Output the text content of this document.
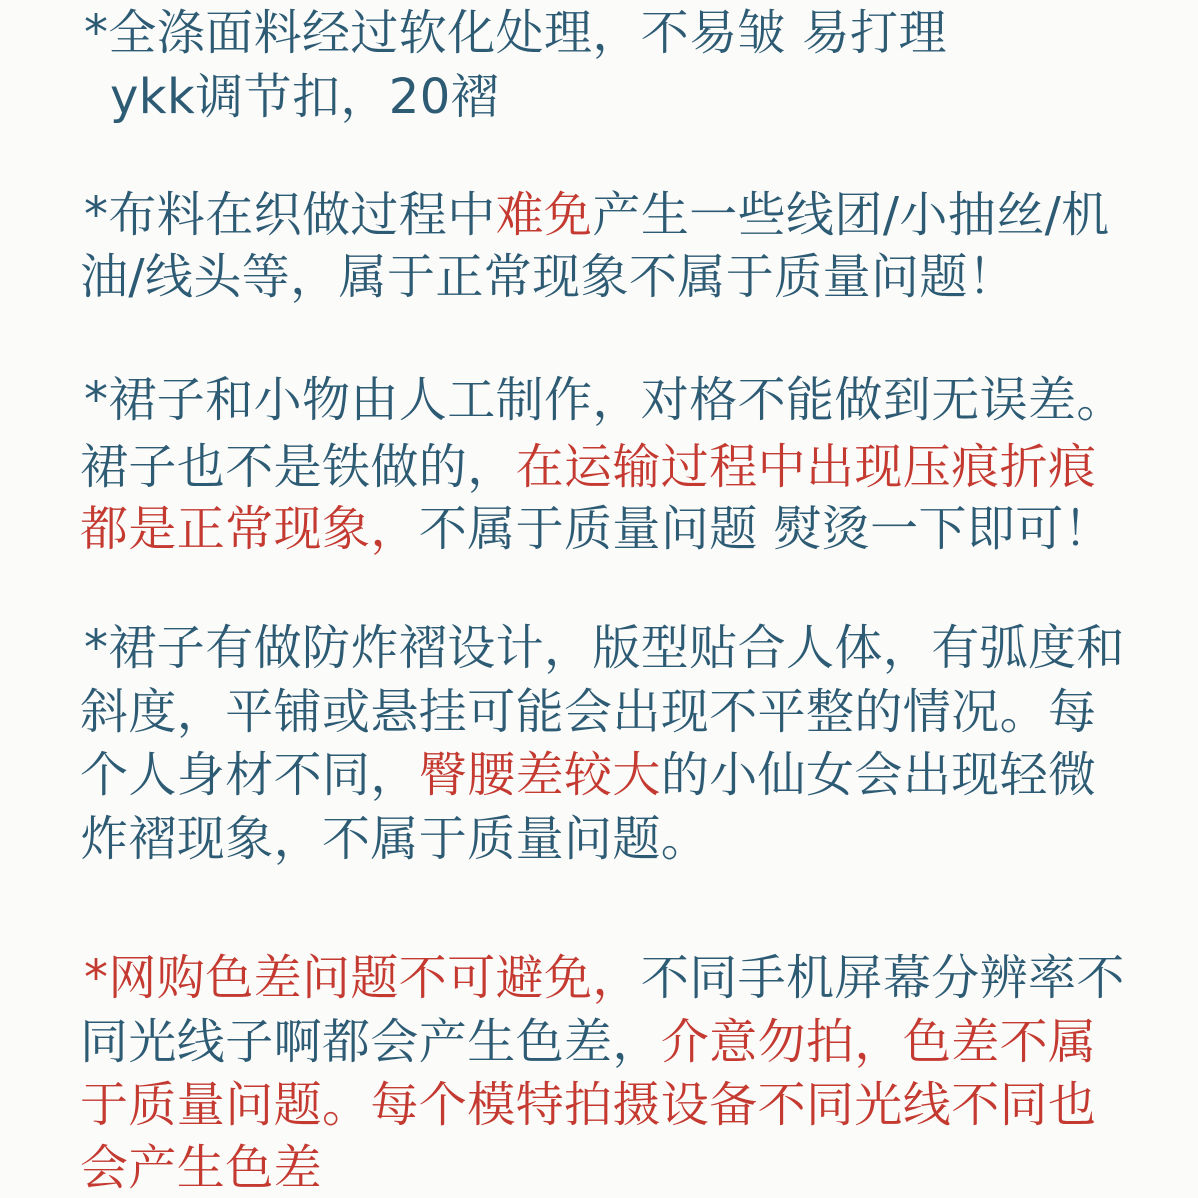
*全涤面料经过软化处理，不易皱 易打理

ykk调节扣，20褶

*布料在织做过程中难免产生一些线团/小抽丝/机

油/线头等，属于正常现象不属于质量问题！

*裙子和小物由人工制作，对格不能做到无误差。

裙子也不是铁做的，在运输过程中出现压痕折痕

都是正常现象，不属于质量问题 熨烫一下即可！

*裙子有做防炸褶设计，版型贴合人体，有弧度和

斜度，平铺或悬挂可能会出现不平整的情况。每

个人身材不同，臀腰差较大的小仙女会出现轻微

炸褶现象，不属于质量问题。

*网购色差问题不可避免，不同手机屏幕分辨率不

同光线子啊都会产生色差，介意勿拍，色差不属

于质量问题。每个模特拍摄设备不同光线不同也

会产生色差
